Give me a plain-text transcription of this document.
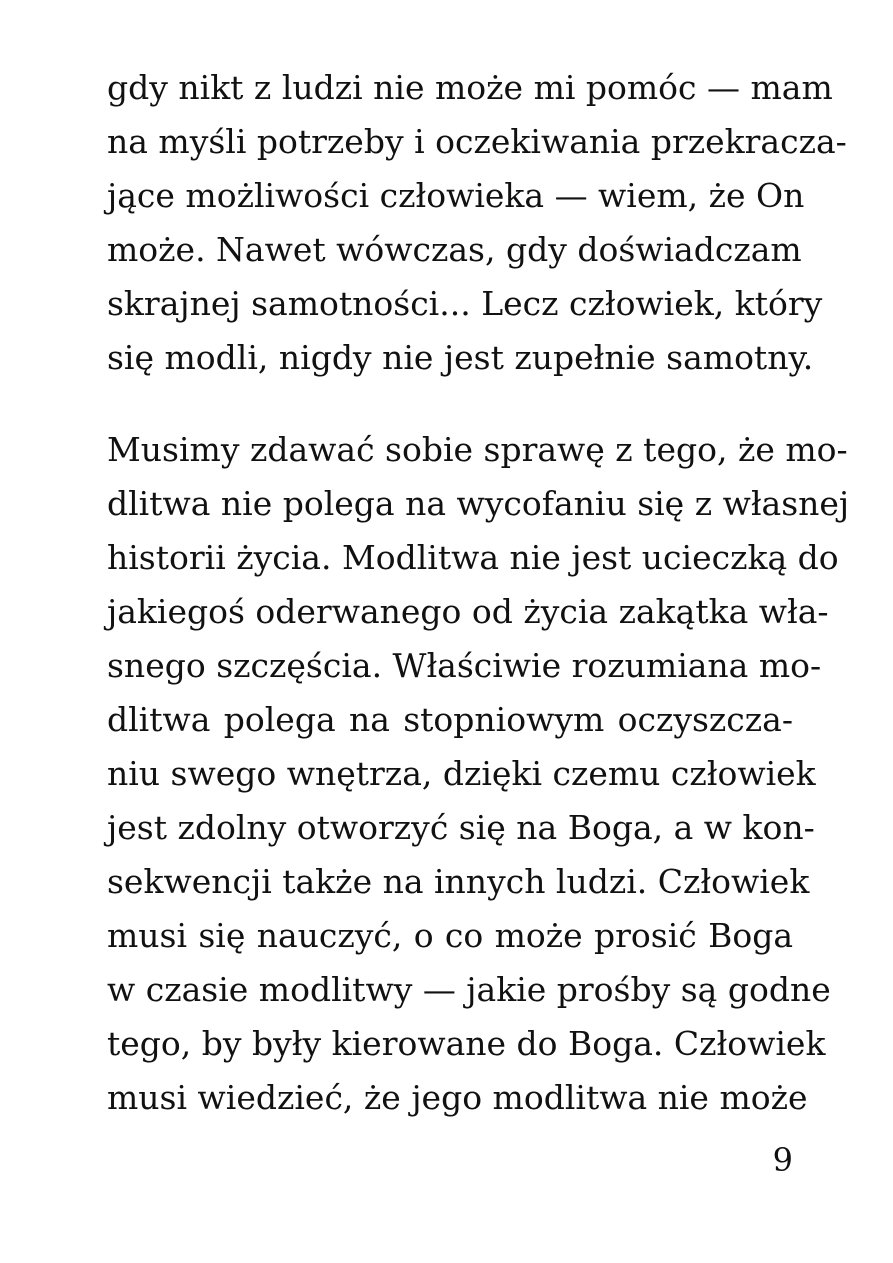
gdy nikt z ludzi nie może mi pomóc — mam
na myśli potrzeby i oczekiwania przekracza-
jące możliwości człowieka — wiem, że On
może. Nawet wówczas, gdy doświadczam
skrajnej samotności... Lecz człowiek, który
się modli, nigdy nie jest zupełnie samotny.
Musimy zdawać sobie sprawę z tego, że mo-
dlitwa nie polega na wycofaniu się z własnej
historii życia. Modlitwa nie jest ucieczką do
jakiegoś oderwanego od życia zakątka wła-
snego szczęścia. Właściwie rozumiana mo-
dlitwa polega na stopniowym oczyszcza-
niu swego wnętrza, dzięki czemu człowiek
jest zdolny otworzyć się na Boga, a w kon-
sekwencji także na innych ludzi. Człowiek
musi się nauczyć, o co może prosić Boga
w czasie modlitwy — jakie prośby są godne
tego, by były kierowane do Boga. Człowiek
musi wiedzieć, że jego modlitwa nie może
9
